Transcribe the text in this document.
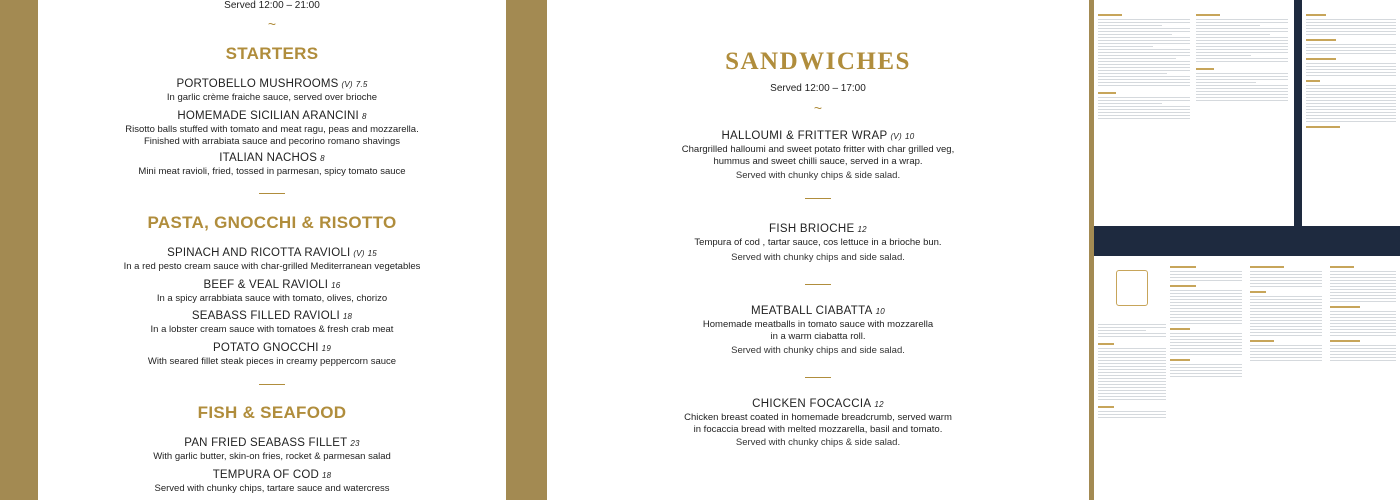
Served 12:00 – 21:00
~
STARTERS
PORTOBELLO MUSHROOMS (V) 7.5
In garlic crème fraiche sauce, served over brioche
HOMEMADE SICILIAN ARANCINI 8
Risotto balls stuffed with tomato and meat ragu, peas and mozzarella.
Finished with arrabiata sauce and pecorino romano shavings
ITALIAN NACHOS 8
Mini meat ravioli, fried, tossed in parmesan, spicy tomato sauce
PASTA, GNOCCHI & RISOTTO
SPINACH AND RICOTTA RAVIOLI (V) 15
In a red pesto cream sauce with char-grilled Mediterranean vegetables
BEEF & VEAL RAVIOLI 16
In a spicy arrabbiata sauce with tomato, olives, chorizo
SEABASS FILLED RAVIOLI 18
In a lobster cream sauce with tomatoes & fresh crab meat
POTATO GNOCCHI 19
With seared fillet steak pieces in creamy peppercorn sauce
FISH & SEAFOOD
PAN FRIED SEABASS FILLET 23
With garlic butter, skin-on fries, rocket & parmesan salad
TEMPURA OF COD 18
Served with chunky chips, tartare sauce and watercress
SANDWICHES
Served 12:00 – 17:00
~
HALLOUMI & FRITTER WRAP (V) 10
Chargrilled halloumi and sweet potato fritter with char grilled veg,
hummus and sweet chilli sauce, served in a wrap.
Served with chunky chips & side salad.
FISH BRIOCHE 12
Tempura of cod , tartar sauce, cos lettuce in a brioche bun.
Served with chunky chips and side salad.
MEATBALL CIABATTA 10
Homemade meatballs in tomato sauce with mozzarella
in a warm ciabatta roll.
Served with chunky chips and side salad.
CHICKEN FOCACCIA 12
Chicken breast coated in homemade breadcrumb, served warm
in focaccia bread with melted mozzarella, basil and tomato.
Served with chunky chips & side salad.
